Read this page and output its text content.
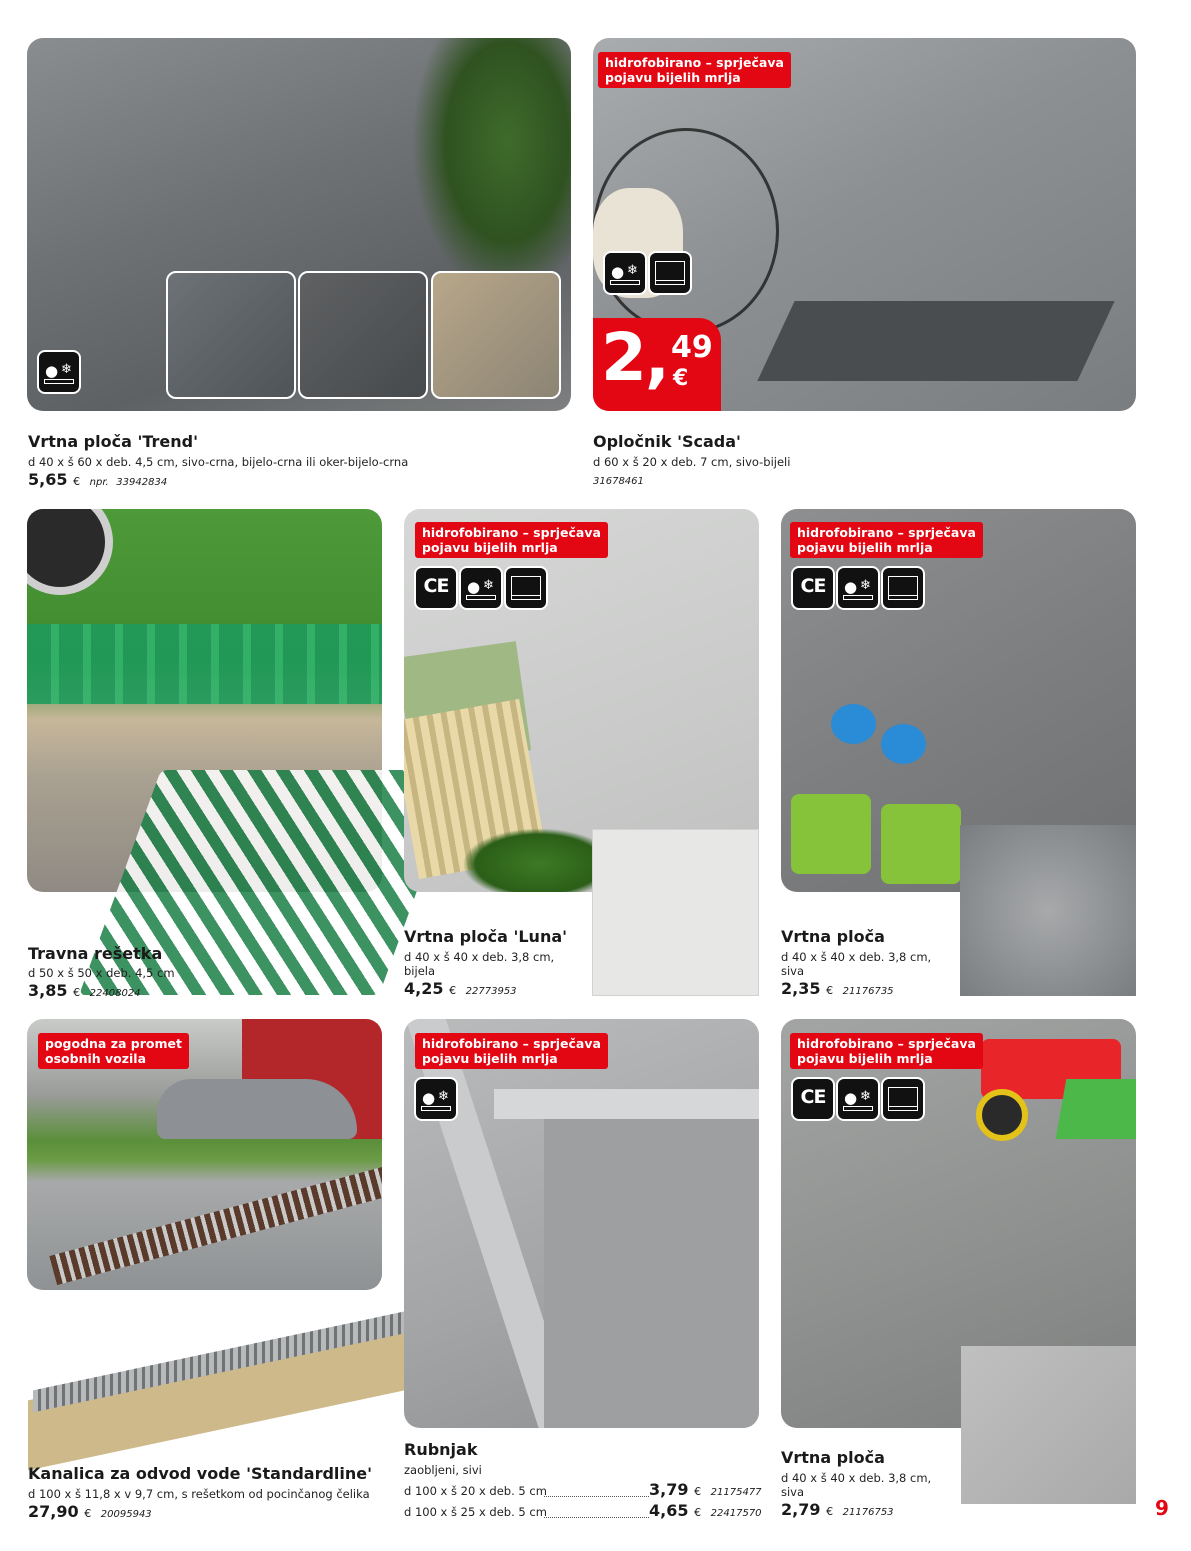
●
❄
Vrtna ploča 'Trend'
d 40 x š 60 x deb. 4,5 cm, sivo-crna, bijelo-crna ili oker-bijelo-crna
5,65 € npr. 33942834
hidrofobirano – sprječava
pojavu bijelih mrlja
●
❄
2, 49
€
Opločnik 'Scada'
d 60 x š 20 x deb. 7 cm, sivo-bijeli
31678461
Travna rešetka
d 50 x š 50 x deb. 4,5 cm
3,85 € 22408024
hidrofobirano – sprječava
pojavu bijelih mrlja
CE
●
❄
Vrtna ploča 'Luna'
d 40 x š 40 x deb. 3,8 cm,
bijela
4,25 € 22773953
hidrofobirano – sprječava
pojavu bijelih mrlja
CE
●
❄
Vrtna ploča
d 40 x š 40 x deb. 3,8 cm,
siva
2,35 € 21176735
pogodna za promet
osobnih vozila
Kanalica za odvod vode 'Standardline'
d 100 x š 11,8 x v 9,7 cm, s rešetkom od pocinčanog čelika
27,90 € 20095943
hidrofobirano – sprječava
pojavu bijelih mrlja
●
❄
Rubnjak
zaobljeni, sivi
d 100 x š 20 x deb. 5 cm	3,79 € 21175477
d 100 x š 25 x deb. 5 cm	4,65 € 22417570
hidrofobirano – sprječava
pojavu bijelih mrlja
CE
●
❄
Vrtna ploča
d 40 x š 40 x deb. 3,8 cm,
siva
2,79 € 21176753	9
